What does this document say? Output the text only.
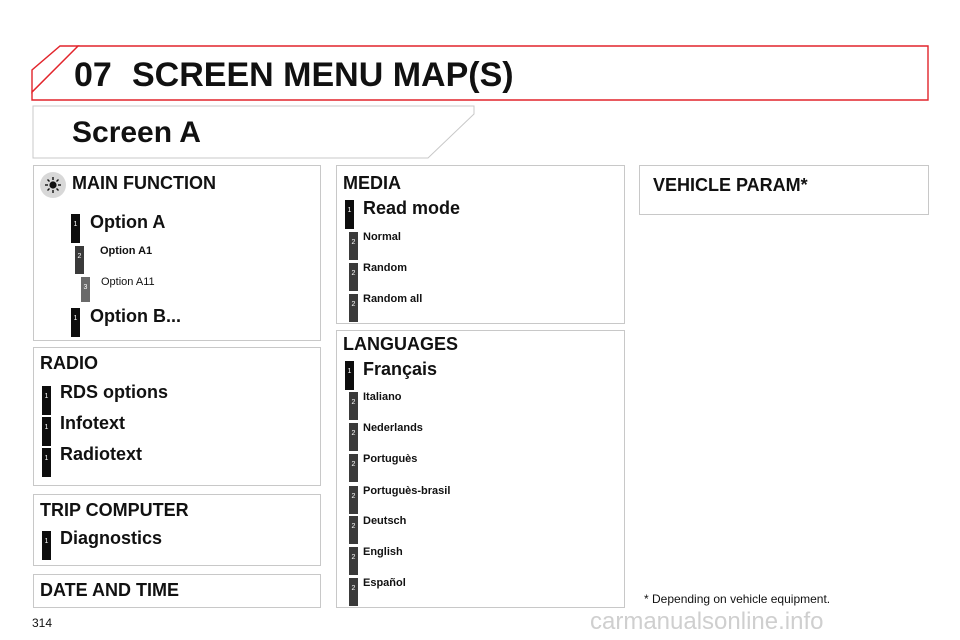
07 SCREEN MENU MAP(S)
Screen A
MAIN FUNCTION
1 Option A
2 Option A1
3 Option A11
1 Option B...
RADIO
1 RDS options
1 Infotext
1 Radiotext
TRIP COMPUTER
1 Diagnostics
DATE AND TIME
MEDIA
1 Read mode
2 Normal
2 Random
2 Random all
LANGUAGES
1 Français
2 Italiano
2 Nederlands
2 Portuguès
2 Portuguès-brasil
2 Deutsch
2 English
2 Español
VEHICLE PARAM*
* Depending on vehicle equipment.
314	carmanualsonline.info
